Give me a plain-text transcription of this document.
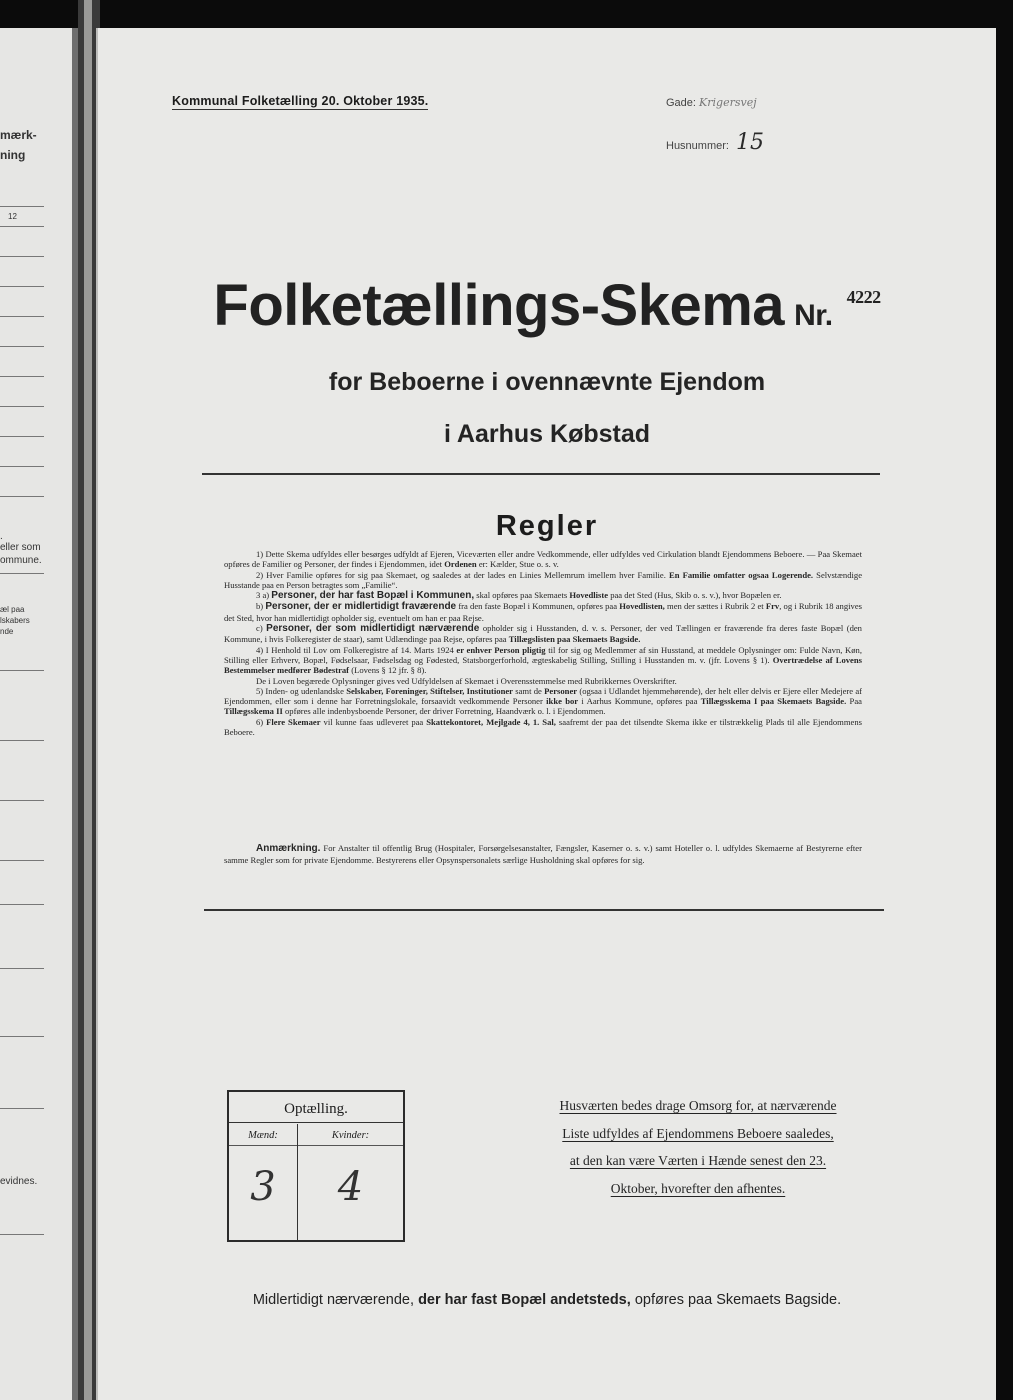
mærk-
ning
12
.
eller som
ommune.
æl paa
lskabers
nde
evidnes.
Kommunal Folketælling 20. Oktober 1935.	Gade: Krigersvej
Husnummer: 15
Folketællings-Skema Nr.$^{4222}$
for Beboerne i ovennævnte Ejendom
i Aarhus Købstad
Regler

1) Dette Skema udfyldes eller besørges udfyldt af Ejeren, Viceværten eller andre Vedkommende, eller udfyldes ved Cirkulation blandt Ejendommens Beboere. — Paa Skemaet opføres de Familier og Personer, der findes i Ejendommen, idet Ordenen er: Kælder, Stue o. s. v.

2) Hver Familie opføres for sig paa Skemaet, og saaledes at der lades en Linies Mellemrum imellem hver Familie. En Familie omfatter ogsaa Logerende. Selvstændige Husstande paa en Person betragtes som „Familie“.

3 a) Personer, der har fast Bopæl i Kommunen, skal opføres paa Skemaets Hovedliste paa det Sted (Hus, Skib o. s. v.), hvor Bopælen er.

b) Personer, der er midlertidigt fraværende fra den faste Bopæl i Kommunen, opføres paa Hovedlisten, men der sættes i Rubrik 2 et Frv, og i Rubrik 18 angives det Sted, hvor han midlertidigt opholder sig, eventuelt om han er paa Rejse.

c) Personer, der som midlertidigt nærværende opholder sig i Husstanden, d. v. s. Personer, der ved Tællingen er fraværende fra deres faste Bopæl (den Kommune, i hvis Folkeregister de staar), samt Udlændinge paa Rejse, opføres paa Tillægslisten paa Skemaets Bagside.

4) I Henhold til Lov om Folkeregistre af 14. Marts 1924 er enhver Person pligtig til for sig og Medlemmer af sin Husstand, at meddele Oplysninger om: Fulde Navn, Køn, Stilling eller Erhverv, Bopæl, Fødselsaar, Fødselsdag og Fødested, Statsborgerforhold, ægteskabelig Stilling, Stilling i Husstanden m. v. (jfr. Lovens § 1). Overtrædelse af Lovens Bestemmelser medfører Bødestraf (Lovens § 12 jfr. § 8).

De i Loven begærede Oplysninger gives ved Udfyldelsen af Skemaet i Overensstemmelse med Rubrikkernes Overskrifter.

5) Inden- og udenlandske Selskaber, Foreninger, Stiftelser, Institutioner samt de Personer (ogsaa i Udlandet hjemmehørende), der helt eller delvis er Ejere eller Medejere af Ejendommen, eller som i denne har Forretningslokale, forsaavidt vedkommende Personer ikke bor i Aarhus Kommune, opføres paa Tillægsskema I paa Skemaets Bagside. Paa Tillægsskema II opføres alle indenbysboende Personer, der driver Forretning, Haandværk o. l. i Ejendommen.

6) Flere Skemaer vil kunne faas udleveret paa Skattekontoret, Mejlgade 4, 1. Sal, saafremt der paa det tilsendte Skema ikke er tilstrækkelig Plads til alle Ejendommens Beboere.

Anmærkning. For Anstalter til offentlig Brug (Hospitaler, Forsørgelsesanstalter, Fængsler, Kaserner o. s. v.) samt Hoteller o. l. udfyldes Skemaerne af Bestyrerne efter samme Regler som for private Ejendomme. Bestyrerens eller Opsynspersonalets særlige Husholdning skal opføres for sig.

Optælling.
Mænd:
3
Kvinder:
4
Husværten bedes drage Omsorg for, at nærværende
Liste udfyldes af Ejendommens Beboere saaledes,
at den kan være Værten i Hænde senest den 23.
Oktober, hvorefter den afhentes.
Midlertidigt nærværende, der har fast Bopæl andetsteds, opføres paa Skemaets Bagside.
